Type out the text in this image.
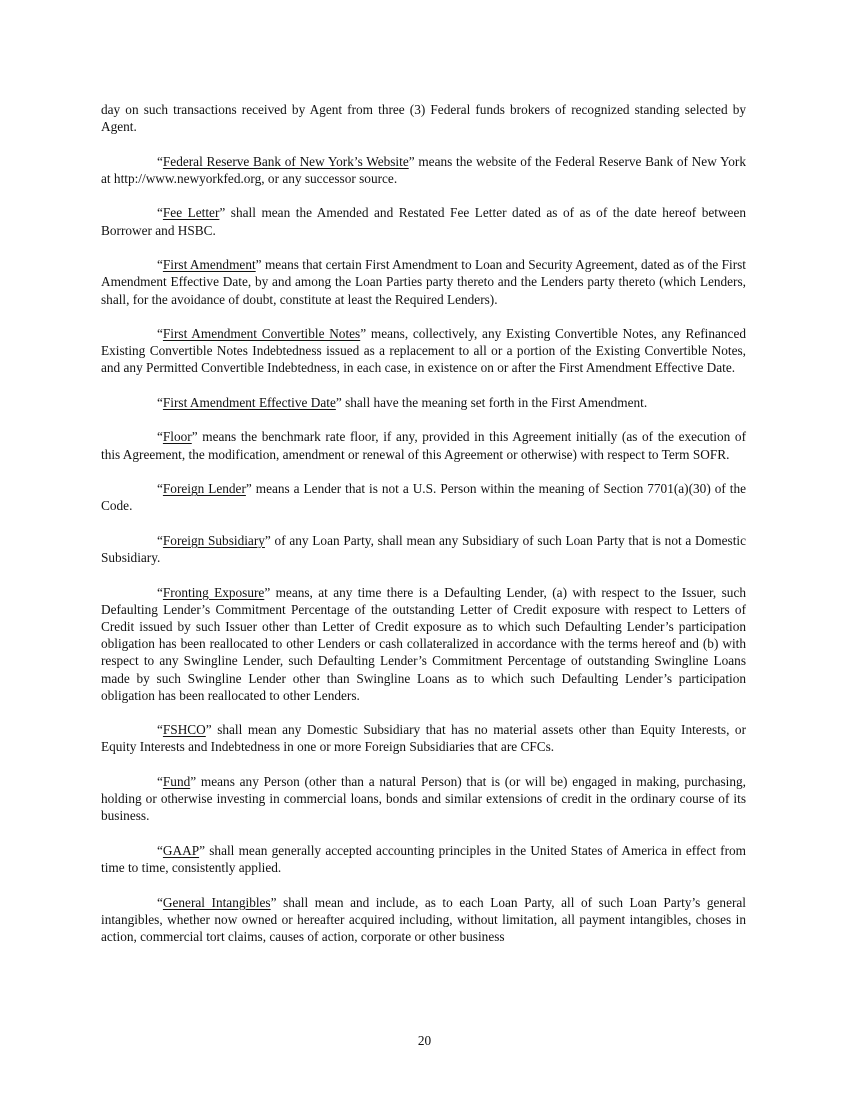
day on such transactions received by Agent from three (3) Federal funds brokers of recognized standing selected by Agent.

“Federal Reserve Bank of New York’s Website” means the website of the Federal Reserve Bank of New York at http://www.newyorkfed.org, or any successor source.

“Fee Letter” shall mean the Amended and Restated Fee Letter dated as of as of the date hereof between Borrower and HSBC.

“First Amendment” means that certain First Amendment to Loan and Security Agreement, dated as of the First Amendment Effective Date, by and among the Loan Parties party thereto and the Lenders party thereto (which Lenders, shall, for the avoidance of doubt, constitute at least the Required Lenders).

“First Amendment Convertible Notes” means, collectively, any Existing Convertible Notes, any Refinanced Existing Convertible Notes Indebtedness issued as a replacement to all or a portion of the Existing Convertible Notes, and any Permitted Convertible Indebtedness, in each case, in existence on or after the First Amendment Effective Date.

“First Amendment Effective Date” shall have the meaning set forth in the First Amendment.

“Floor” means the benchmark rate floor, if any, provided in this Agreement initially (as of the execution of this Agreement, the modification, amendment or renewal of this Agreement or otherwise) with respect to Term SOFR.

“Foreign Lender” means a Lender that is not a U.S. Person within the meaning of Section 7701(a)(30) of the Code.

“Foreign Subsidiary” of any Loan Party, shall mean any Subsidiary of such Loan Party that is not a Domestic Subsidiary.

“Fronting Exposure” means, at any time there is a Defaulting Lender, (a) with respect to the Issuer, such Defaulting Lender’s Commitment Percentage of the outstanding Letter of Credit exposure with respect to Letters of Credit issued by such Issuer other than Letter of Credit exposure as to which such Defaulting Lender’s participation obligation has been reallocated to other Lenders or cash collateralized in accordance with the terms hereof and (b) with respect to any Swingline Lender, such Defaulting Lender’s Commitment Percentage of outstanding Swingline Loans made by such Swingline Lender other than Swingline Loans as to which such Defaulting Lender’s participation obligation has been reallocated to other Lenders.

“FSHCO” shall mean any Domestic Subsidiary that has no material assets other than Equity Interests, or Equity Interests and Indebtedness in one or more Foreign Subsidiaries that are CFCs.

“Fund” means any Person (other than a natural Person) that is (or will be) engaged in making, purchasing, holding or otherwise investing in commercial loans, bonds and similar extensions of credit in the ordinary course of its business.

“GAAP” shall mean generally accepted accounting principles in the United States of America in effect from time to time, consistently applied.

“General Intangibles” shall mean and include, as to each Loan Party, all of such Loan Party’s general intangibles, whether now owned or hereafter acquired including, without limitation, all payment intangibles, choses in action, commercial tort claims, causes of action, corporate or other business

20
